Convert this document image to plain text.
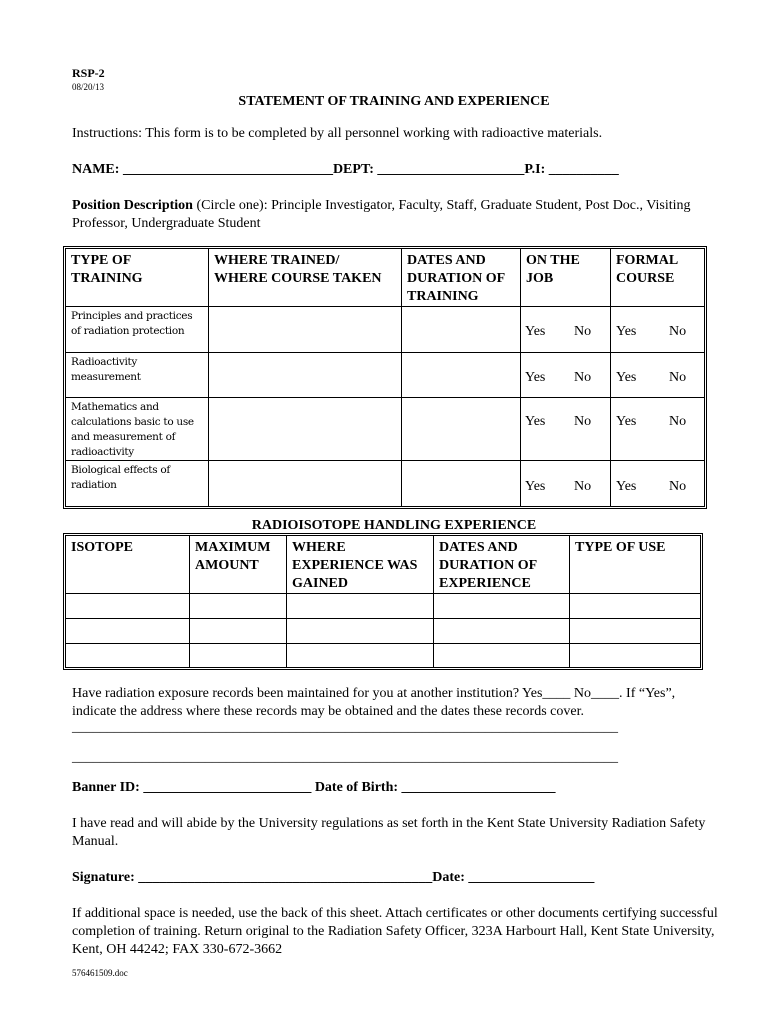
RSP-2
08/20/13
STATEMENT OF TRAINING AND EXPERIENCE
Instructions: This form is to be completed by all personnel working with radioactive materials.
NAME: ______________________________DEPT: _____________________P.I: __________
Position Description (Circle one): Principle Investigator, Faculty, Staff, Graduate Student, Post Doc., Visiting Professor, Undergraduate Student
TYPE OF TRAINING	WHERE TRAINED/ WHERE COURSE TAKEN	DATES AND DURATION OF TRAINING	ON THE JOB	FORMAL COURSE
Principles and practices of radiation protection			Yes No	Yes No

Radioactivity measurement			Yes No	Yes No

Mathematics and calculations basic to use and measurement of radioactivity			Yes No	Yes No

Biological effects of radiation			Yes No	Yes No
RADIOISOTOPE HANDLING EXPERIENCE
ISOTOPE	MAXIMUM AMOUNT	WHERE EXPERIENCE WAS GAINED	DATES AND DURATION OF EXPERIENCE	TYPE OF USE

Have radiation exposure records been maintained for you at another institution? Yes____ No____. If “Yes”, indicate the address where these records may be obtained and the dates these records cover.
______________________________________________________________________________
______________________________________________________________________________
Banner ID: ________________________ Date of Birth: ______________________
I have read and will abide by the University regulations as set forth in the Kent State University Radiation Safety Manual.
Signature: __________________________________________Date: __________________
If additional space is needed, use the back of this sheet. Attach certificates or other documents certifying successful completion of training. Return original to the Radiation Safety Officer, 323A Harbourt Hall, Kent State University, Kent, OH 44242; FAX 330-672-3662
576461509.doc
